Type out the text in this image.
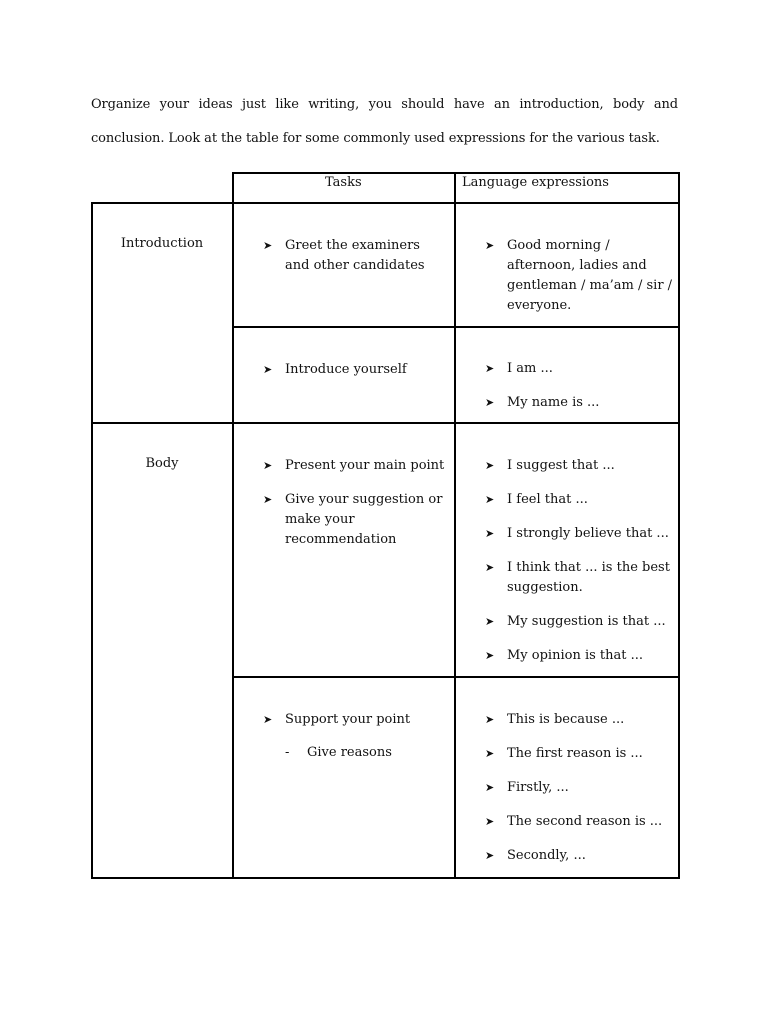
Organize your ideas just like writing, you should have an introduction, body and conclusion. Look at the table for some commonly used expressions for the various task.
Tasks	Language expressions
Introduction
Body
➤ Greet the examiners and other candidates
➤ Good morning / afternoon, ladies and gentleman / ma’am / sir / everyone.
➤ Introduce yourself	➤ I am ...
➤ My name is ...
➤ Present your main point
➤ Give your suggestion or make your recommendation
➤ I suggest that ...
➤ I feel that ...
➤ I strongly believe that ...
➤ I think that ... is the best suggestion.
➤ My suggestion is that ...
➤ My opinion is that ...
➤ Support your point
- Give reasons
➤ This is because ...
➤ The first reason is ...
➤ Firstly, ...
➤ The second reason is ...
➤ Secondly, ...
